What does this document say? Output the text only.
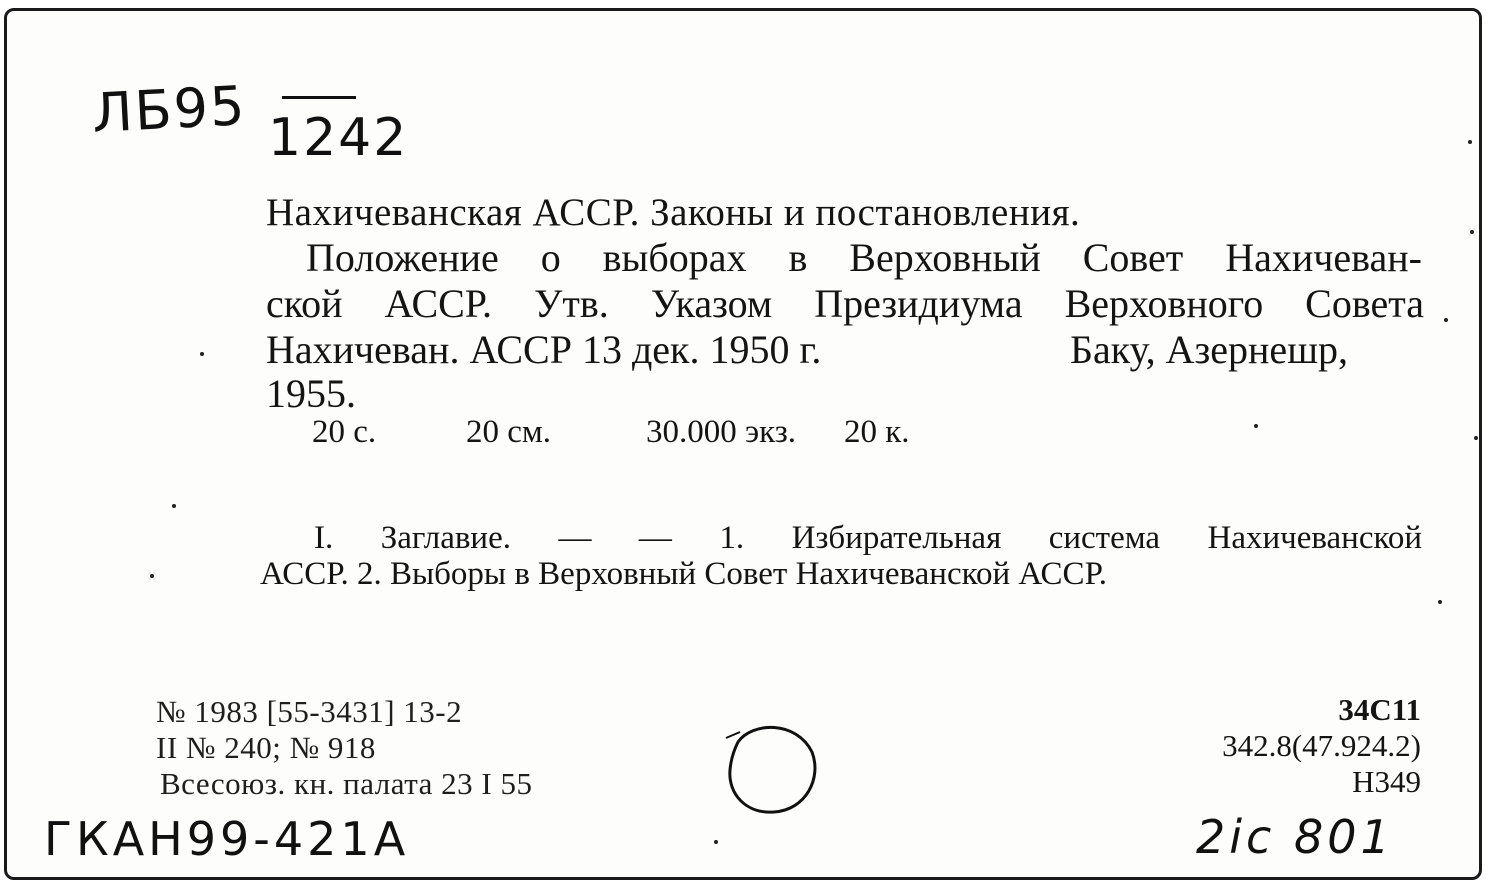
ЛБ95 1242
Нахичеванская АССР. Законы и постановления.
Положение о выборах в Верховный Совет Нахичеван-
ской АССР. Утв. Указом Президиума Верховного Совета
Нахичеван. АССР 13 дек. 1950 г.	Баку, Азернешр,
1955.
20 с.	20 см.	30.000 экз. 20 к.
I. Заглавие. — — 1. Избирательная система Нахичеванской
АССР. 2. Выборы в Верховный Совет Нахичеванской АССР.
№ 1983 [55-3431] 13-2
II № 240; № 918
Всесоюз. кн. палата 23 I 55
34С11
342.8(47.924.2)
Н349
ГКАН99-421А	2ic 801
